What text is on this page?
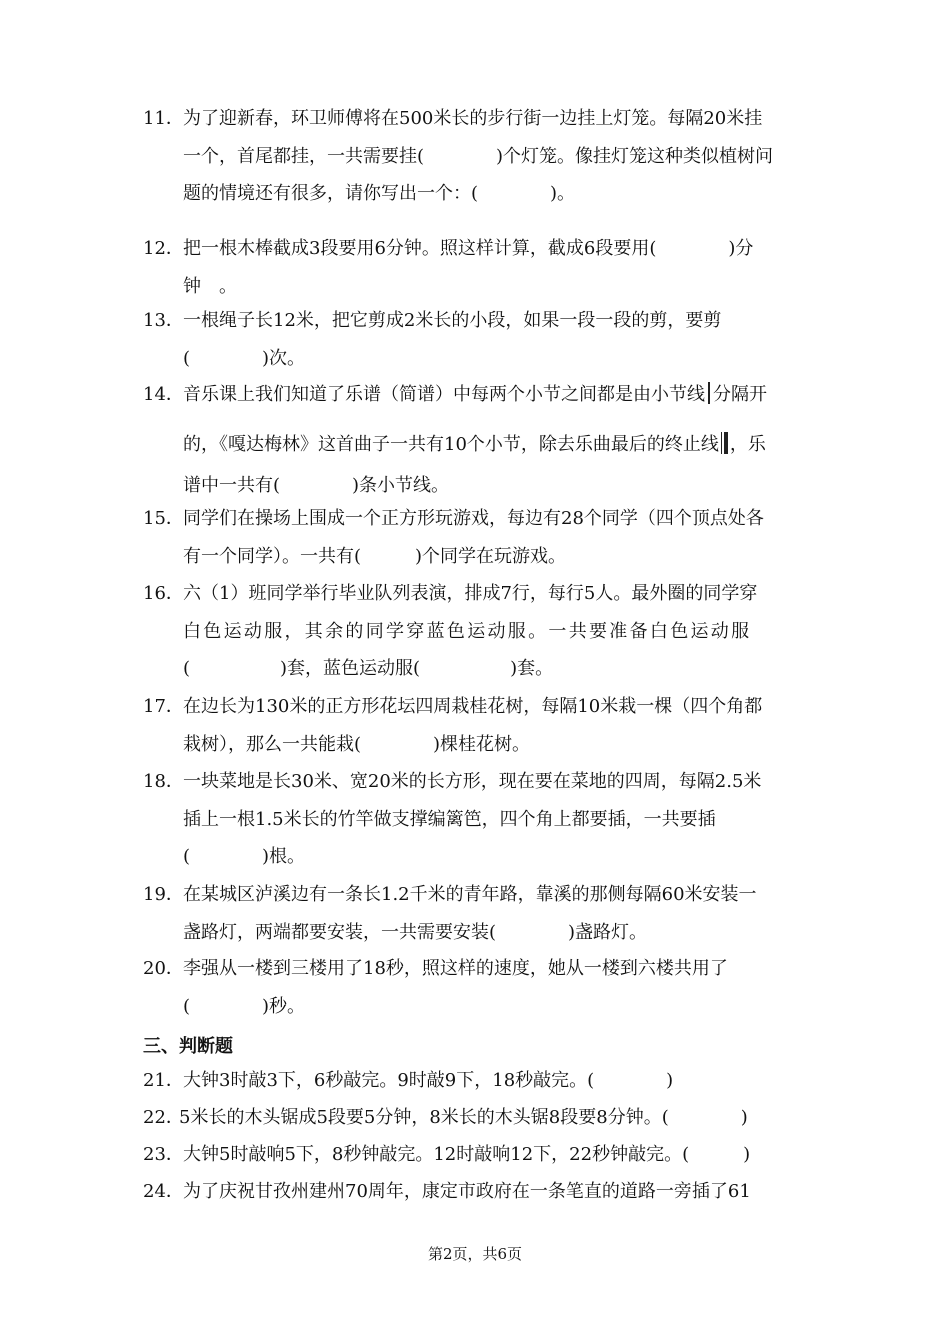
11． 为了迎新春，环卫师傅将在500米长的步行街一边挂上灯笼。每隔20米挂
一个，首尾都挂，一共需要挂(　　　　)个灯笼。像挂灯笼这种类似植树问
题的情境还有很多，请你写出一个：(　　　　)。
12． 把一根木棒截成3段要用6分钟。照这样计算，截成6段要用(　　　　)分
钟　。
13． 一根绳子长12米，把它剪成2米长的小段，如果一段一段的剪，要剪
(　　　　)次。
14． 音乐课上我们知道了乐谱（简谱）中每两个小节之间都是由小节线 分隔开
的，《嘎达梅林》这首曲子一共有10个小节，除去乐曲最后的终止线 ，乐
谱中一共有(　　　　)条小节线。
15． 同学们在操场上围成一个正方形玩游戏，每边有28个同学（四个顶点处各
有一个同学）。一共有(　　　)个同学在玩游戏。
16． 六（1）班同学举行毕业队列表演，排成7行，每行5人。最外圈的同学穿
白色运动服，其余的同学穿蓝色运动服。一共要准备白色运动服
(　　　　　)套，蓝色运动服(　　　　　)套。
17． 在边长为130米的正方形花坛四周栽桂花树，每隔10米栽一棵（四个角都
栽树），那么一共能栽(　　　　)棵桂花树。
18． 一块菜地是长30米、宽20米的长方形，现在要在菜地的四周，每隔2.5米
插上一根1.5米长的竹竿做支撑编篱笆，四个角上都要插，一共要插
(　　　　)根。
19． 在某城区泸溪边有一条长1.2千米的青年路，靠溪的那侧每隔60米安装一
盏路灯，两端都要安装，一共需要安装(　　　　)盏路灯。
20． 李强从一楼到三楼用了18秒，照这样的速度，她从一楼到六楼共用了
(　　　　)秒。
三、判断题
21． 大钟3时敲3下，6秒敲完。9时敲9下，18秒敲完。(　　　　)
22．
5米长的木头锯成5段要5分钟，8米长的木头锯8段要8分钟。(　　　　)
23． 大钟5时敲响5下，8秒钟敲完。12时敲响12下，22秒钟敲完。(　　　)
24． 为了庆祝甘孜州建州70周年，康定市政府在一条笔直的道路一旁插了61
第2页，共6页
